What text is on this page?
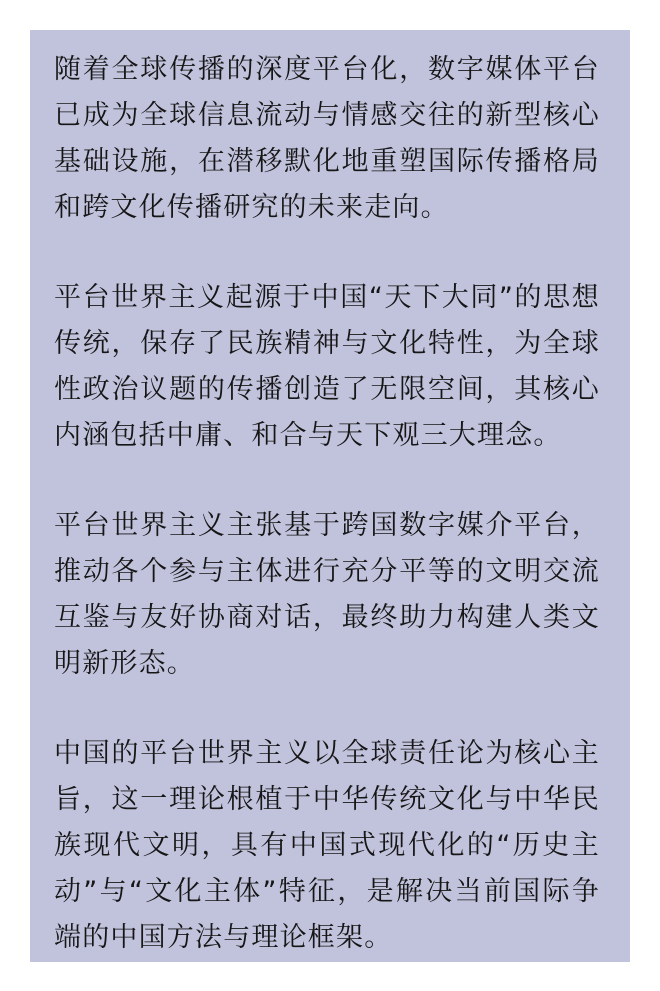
随着全球传播的深度平台化，数字媒体平台已成为全球信息流动与情感交往的新型核心基础设施，在潜移默化地重塑国际传播格局和跨文化传播研究的未来走向。

平台世界主义起源于中国“天下大同”的思想传统，保存了民族精神与文化特性，为全球性政治议题的传播创造了无限空间，其核心内涵包括中庸、和合与天下观三大理念。

平台世界主义主张基于跨国数字媒介平台，推动各个参与主体进行充分平等的文明交流互鉴与友好协商对话，最终助力构建人类文明新形态。

中国的平台世界主义以全球责任论为核心主旨，这一理论根植于中华传统文化与中华民族现代文明，具有中国式现代化的“历史主动”与“文化主体”特征，是解决当前国际争端的中国方法与理论框架。
